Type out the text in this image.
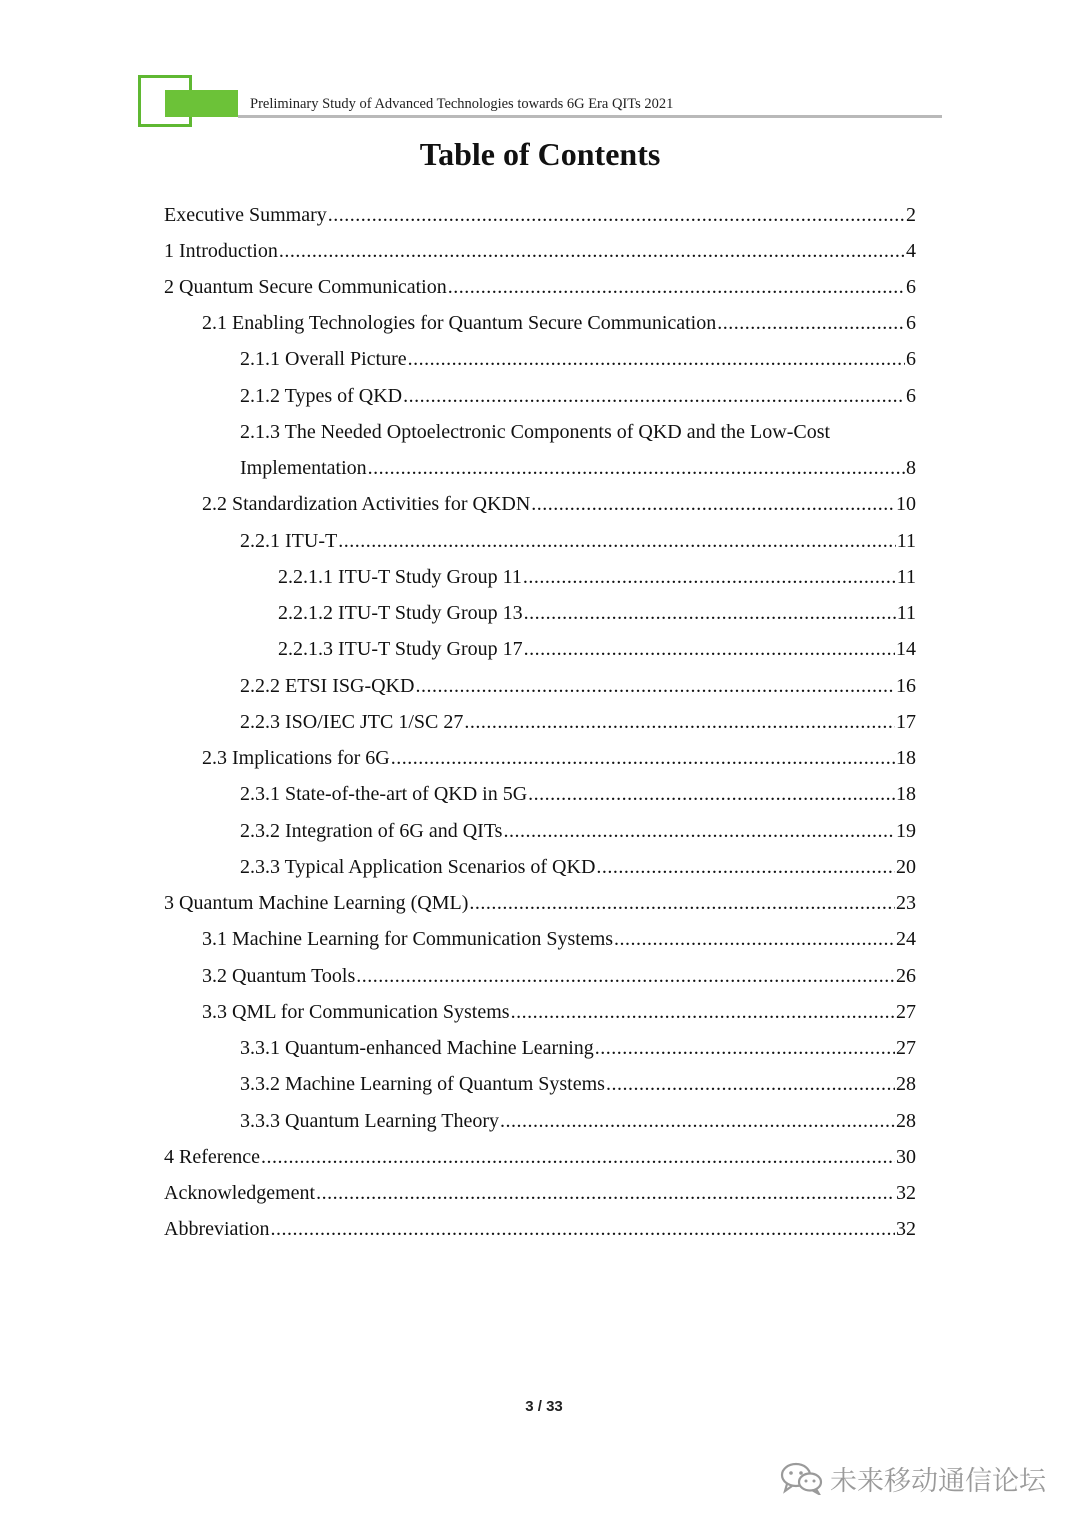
Preliminary Study of Advanced Technologies towards 6G Era QITs 2021
Table of Contents
Executive Summary .....	2
1 Introduction .....	4
2 Quantum Secure Communication .....	6
2.1 Enabling Technologies for Quantum Secure Communication .....	6
2.1.1 Overall Picture .....	6
2.1.2 Types of QKD .....	6
2.1.3 The Needed Optoelectronic Components of QKD and the Low-Cost
Implementation .....	8
2.2 Standardization Activities for QKDN .....	10
2.2.1 ITU-T .....	11
2.2.1.1 ITU-T Study Group 11 .....	11
2.2.1.2 ITU-T Study Group 13 .....	11
2.2.1.3 ITU-T Study Group 17 .....	14
2.2.2 ETSI ISG-QKD .....	16
2.2.3 ISO/IEC JTC 1/SC 27 .....	17
2.3 Implications for 6G .....	18
2.3.1 State-of-the-art of QKD in 5G .....	18
2.3.2 Integration of 6G and QITs .....	19
2.3.3 Typical Application Scenarios of QKD .....	20
3 Quantum Machine Learning (QML) .....	23
3.1 Machine Learning for Communication Systems .....	24
3.2 Quantum Tools .....	26
3.3 QML for Communication Systems .....	27
3.3.1 Quantum-enhanced Machine Learning .....	27
3.3.2 Machine Learning of Quantum Systems .....	28
3.3.3 Quantum Learning Theory .....	28
4 Reference .....	30
Acknowledgement .....	32
Abbreviation .....	32
3 / 33
未来移动通信论坛
